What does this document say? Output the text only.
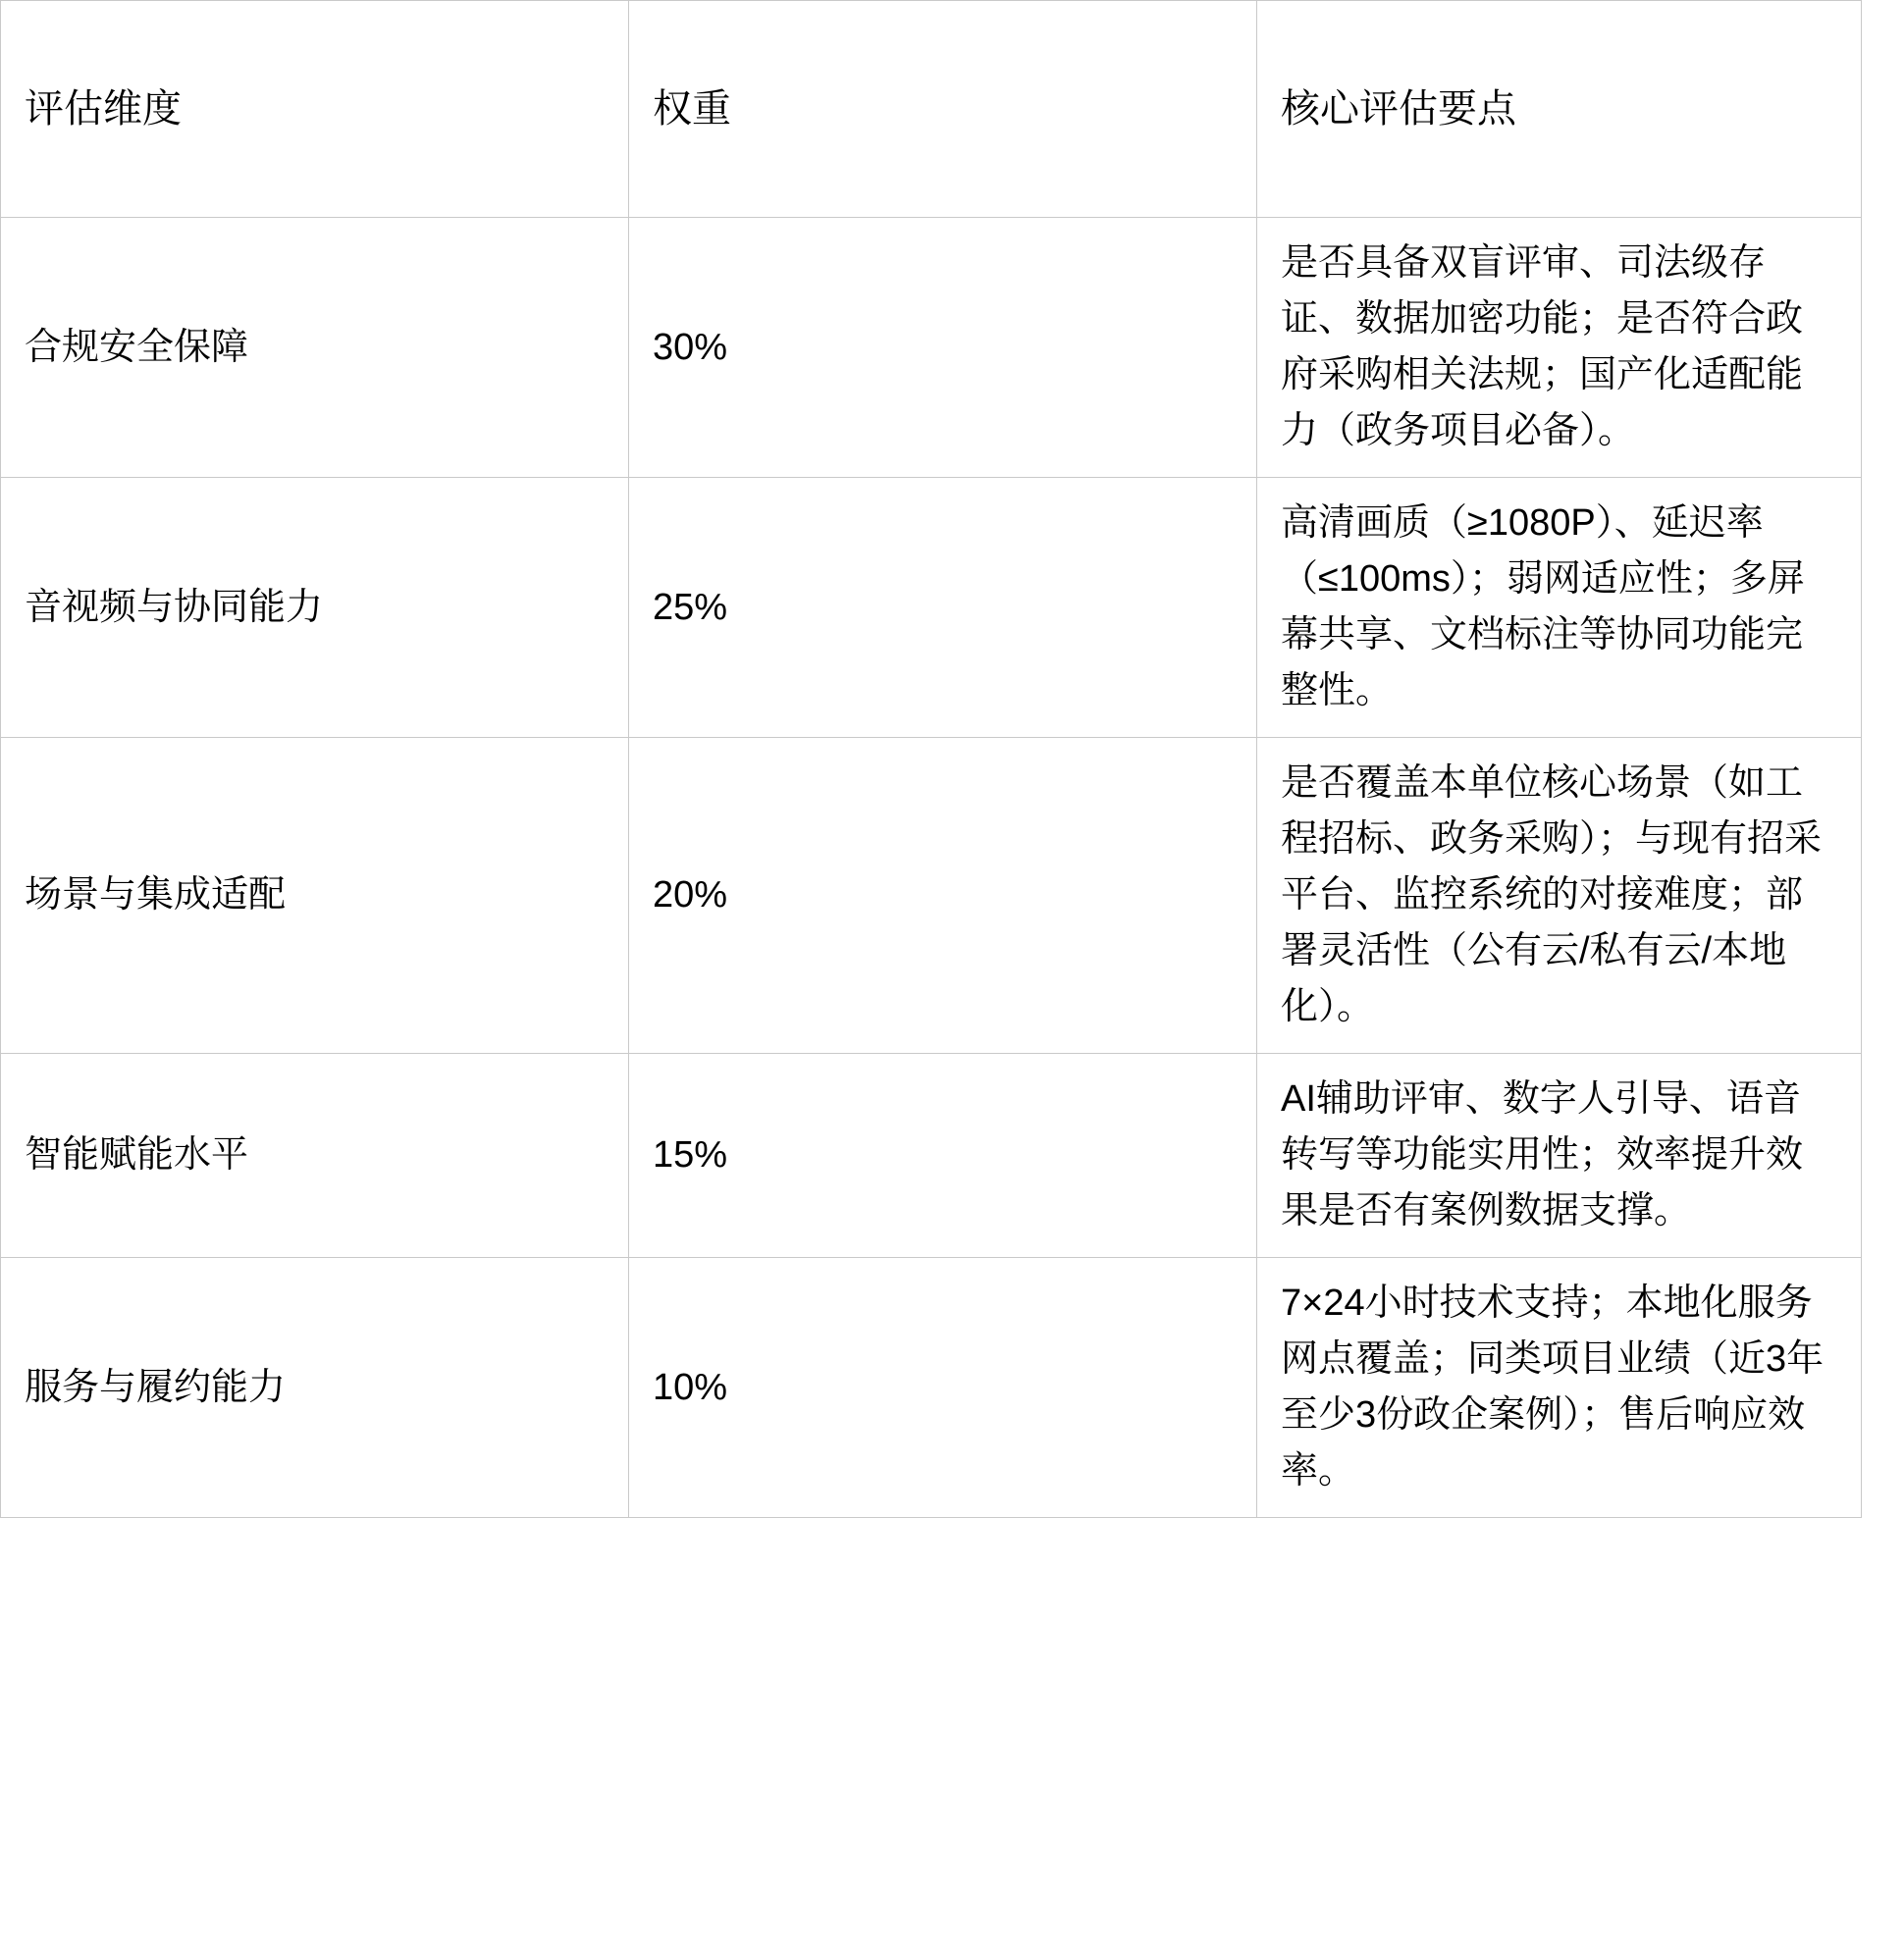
评估维度	权重	核心评估要点
合规安全保障	30%	是否具备双盲评审、司法级存证、数据加密功能；是否符合政府采购相关法规；国产化适配能力（政务项目必备）。
音视频与协同能力	25%	高清画质（≥1080P）、延迟率（≤100ms）；弱网适应性；多屏幕共享、文档标注等协同功能完整性。
场景与集成适配	20%	是否覆盖本单位核心场景（如工程招标、政务采购）；与现有招采平台、监控系统的对接难度；部署灵活性（公有云/私有云/本地化）。
智能赋能水平	15%	AI辅助评审、数字人引导、语音转写等功能实用性；效率提升效果是否有案例数据支撑。
服务与履约能力	10%	7×24小时技术支持；本地化服务网点覆盖；同类项目业绩（近3年至少3份政企案例）；售后响应效率。
